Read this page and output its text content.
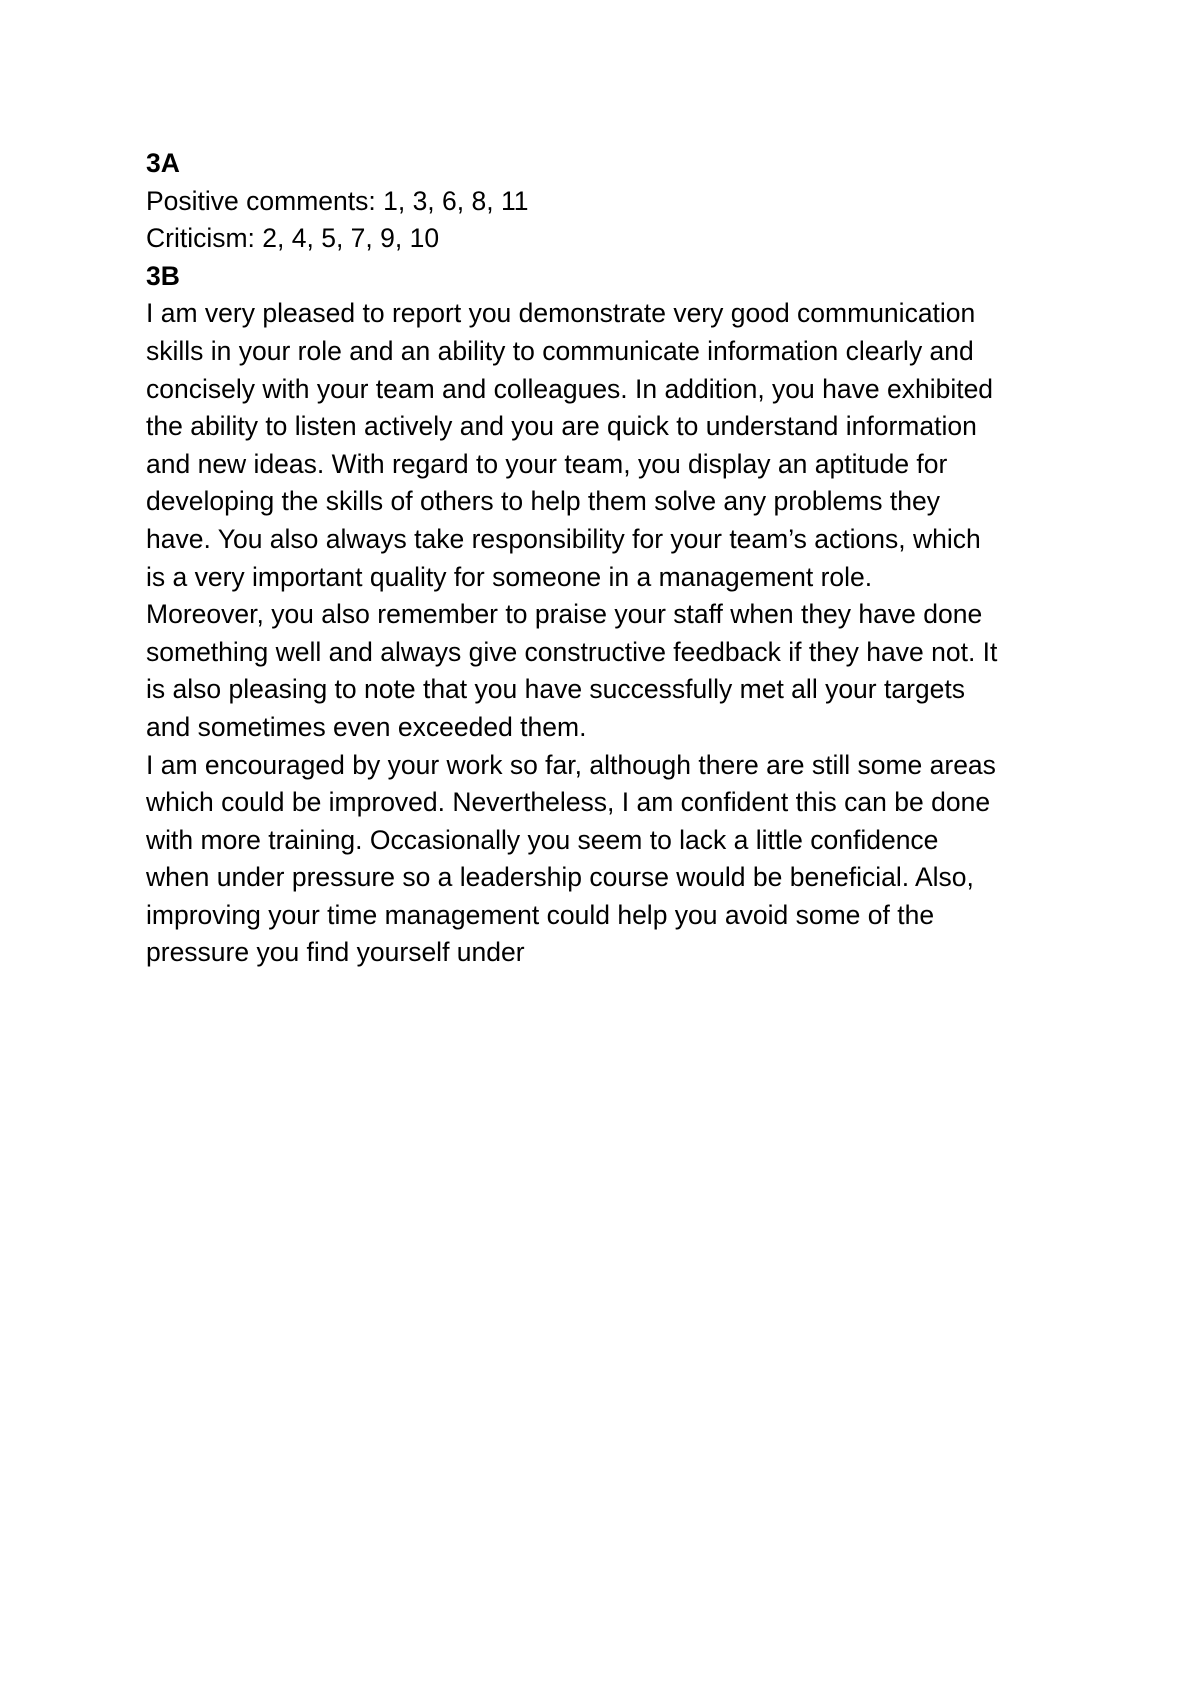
3A
Positive comments: 1, 3, 6, 8, 11
Criticism: 2, 4, 5, 7, 9, 10
3B
I am very pleased to report you demonstrate very good communication
skills in your role and an ability to communicate information clearly and
concisely with your team and colleagues. In addition, you have exhibited
the ability to listen actively and you are quick to understand information
and new ideas. With regard to your team, you display an aptitude for
developing the skills of others to help them solve any problems they
have. You also always take responsibility for your team’s actions, which
is a very important quality for someone in a management role.
Moreover, you also remember to praise your staff when they have done
something well and always give constructive feedback if they have not. It
is also pleasing to note that you have successfully met all your targets
and sometimes even exceeded them.
I am encouraged by your work so far, although there are still some areas
which could be improved. Nevertheless, I am confident this can be done
with more training. Occasionally you seem to lack a little confidence
when under pressure so a leadership course would be beneficial. Also,
improving your time management could help you avoid some of the
pressure you find yourself under
